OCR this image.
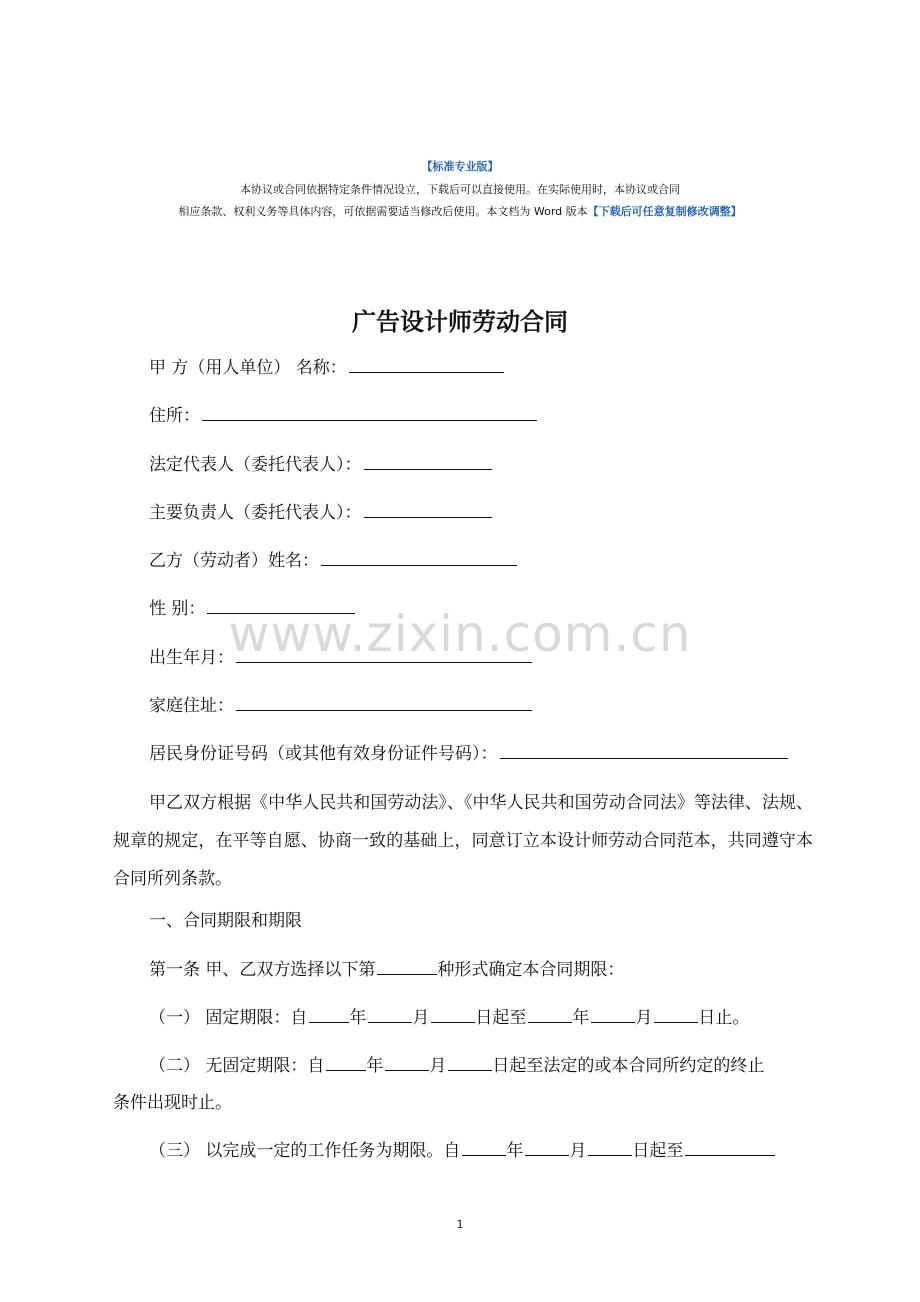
【标准专业版】
本协议或合同依据特定条件情况设立，下载后可以直接使用。在实际使用时，本协议或合同
相应条款、权利义务等具体内容，可依据需要适当修改后使用。本文档为 Word 版本【下载后可任意复制修改调整】
广告设计师劳动合同
甲 方（用人单位） 名称：
住所：
法定代表人（委托代表人）：
主要负责人（委托代表人）：
乙方（劳动者）姓名：
性 别：
出生年月：
家庭住址：
居民身份证号码（或其他有效身份证件号码）：
甲乙双方根据《中华人民共和国劳动法》、《中华人民共和国劳动合同法》等法律、法规、规章的规定，在平等自愿、协商一致的基础上，同意订立本设计师劳动合同范本，共同遵守本合同所列条款。
一、合同期限和期限
第一条 甲、乙双方选择以下第	种形式确定本合同期限：
（一） 固定期限：自 年	月	日起至	年	月	日止。
（二） 无固定期限：自 年	月	日起至法定的或本合同所约定的终止
条件出现时止。
（三） 以完成一定的工作任务为期限。自	年	月	日起至
www.zixin.com.cn
1
